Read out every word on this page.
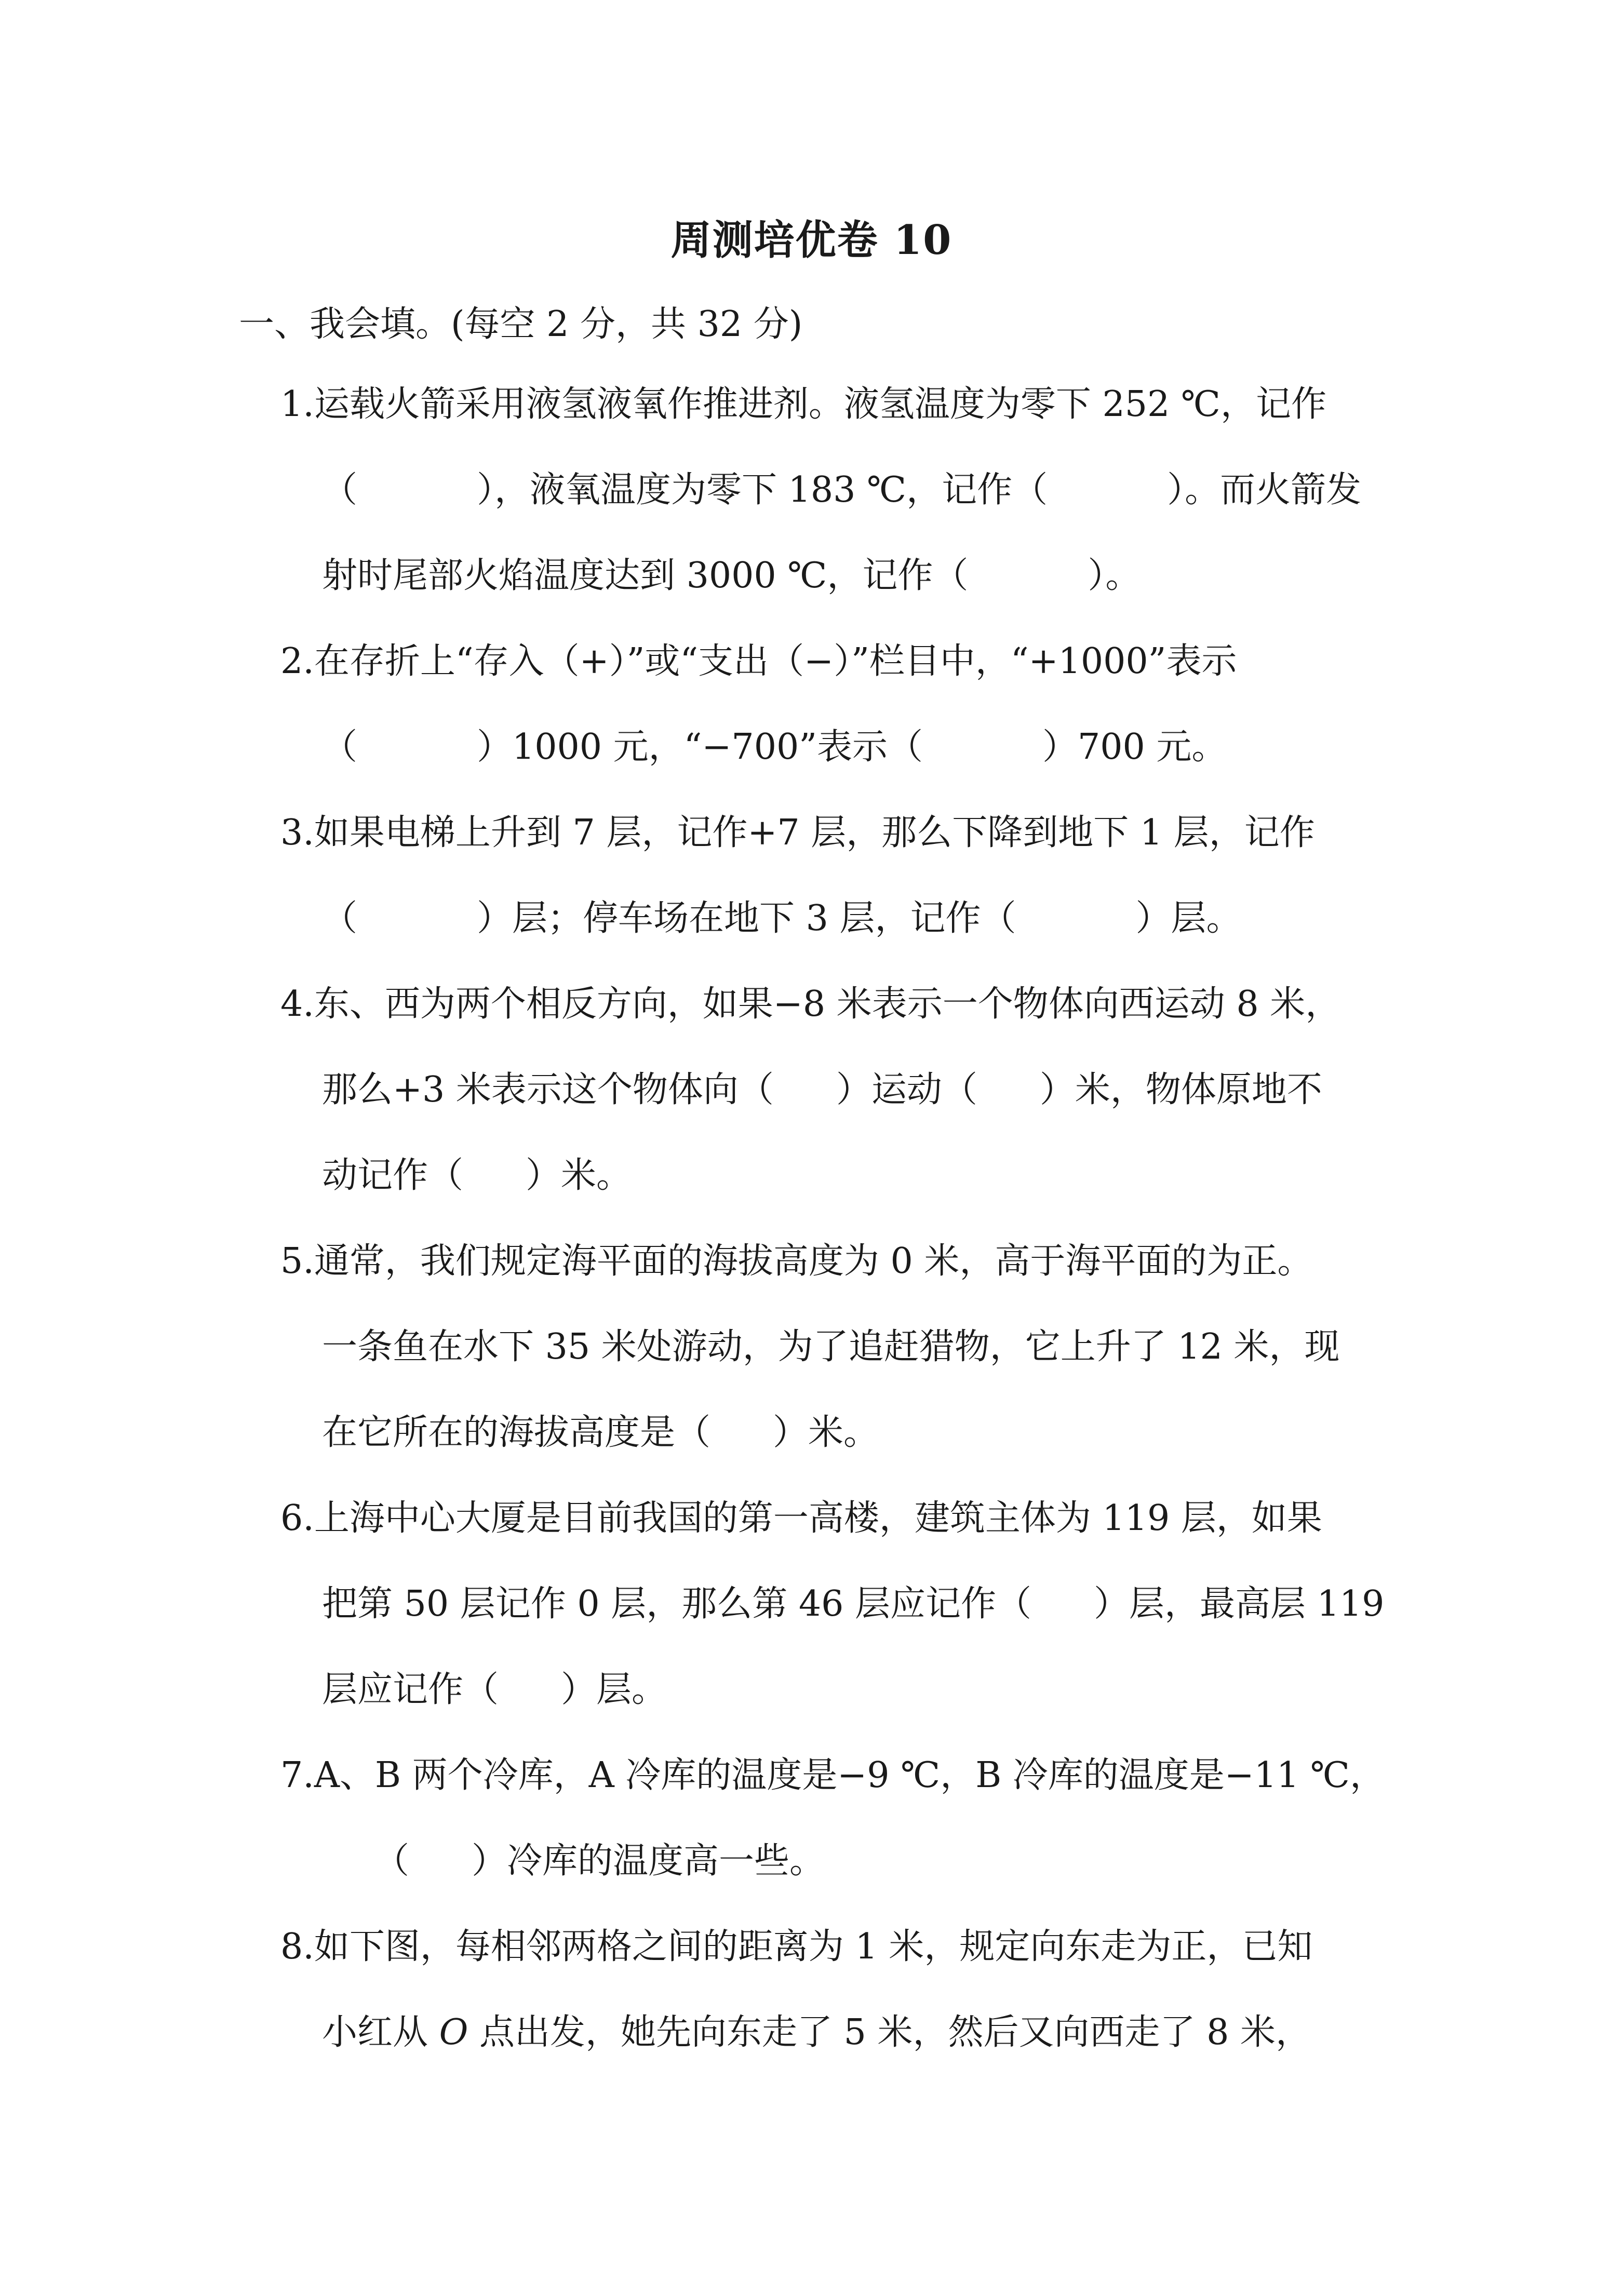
周测培优卷 10
一、我会填。(每空 2 分，共 32 分)
1.运载火箭采用液氢液氧作推进剂。液氢温度为零下 252 ℃，记作
（	），液氧温度为零下 183 ℃，记作（	）。而火箭发
射时尾部火焰温度达到 3000 ℃，记作（	）。
2.在存折上“存入（+）”或“支出（−）”栏目中，“+1000”表示
（	）1000 元，“−700”表示（	）700 元。
3.如果电梯上升到 7 层，记作+7 层，那么下降到地下 1 层，记作
（	）层；停车场在地下 3 层，记作（	）层。
4.东、西为两个相反方向，如果−8 米表示一个物体向西运动 8 米，
那么+3 米表示这个物体向（ ）运动（ ）米，物体原地不
动记作（ ）米。
5.通常，我们规定海平面的海拔高度为 0 米，高于海平面的为正。
一条鱼在水下 35 米处游动，为了追赶猎物，它上升了 12 米，现
在它所在的海拔高度是（ ）米。
6.上海中心大厦是目前我国的第一高楼，建筑主体为 119 层，如果
把第 50 层记作 0 层，那么第 46 层应记作（ ）层，最高层 119
层应记作（ ）层。
7.A、B 两个冷库，A 冷库的温度是−9 ℃，B 冷库的温度是−11 ℃，
（ ）冷库的温度高一些。
8.如下图，每相邻两格之间的距离为 1 米，规定向东走为正，已知
小红从 O 点出发，她先向东走了 5 米，然后又向西走了 8 米，
